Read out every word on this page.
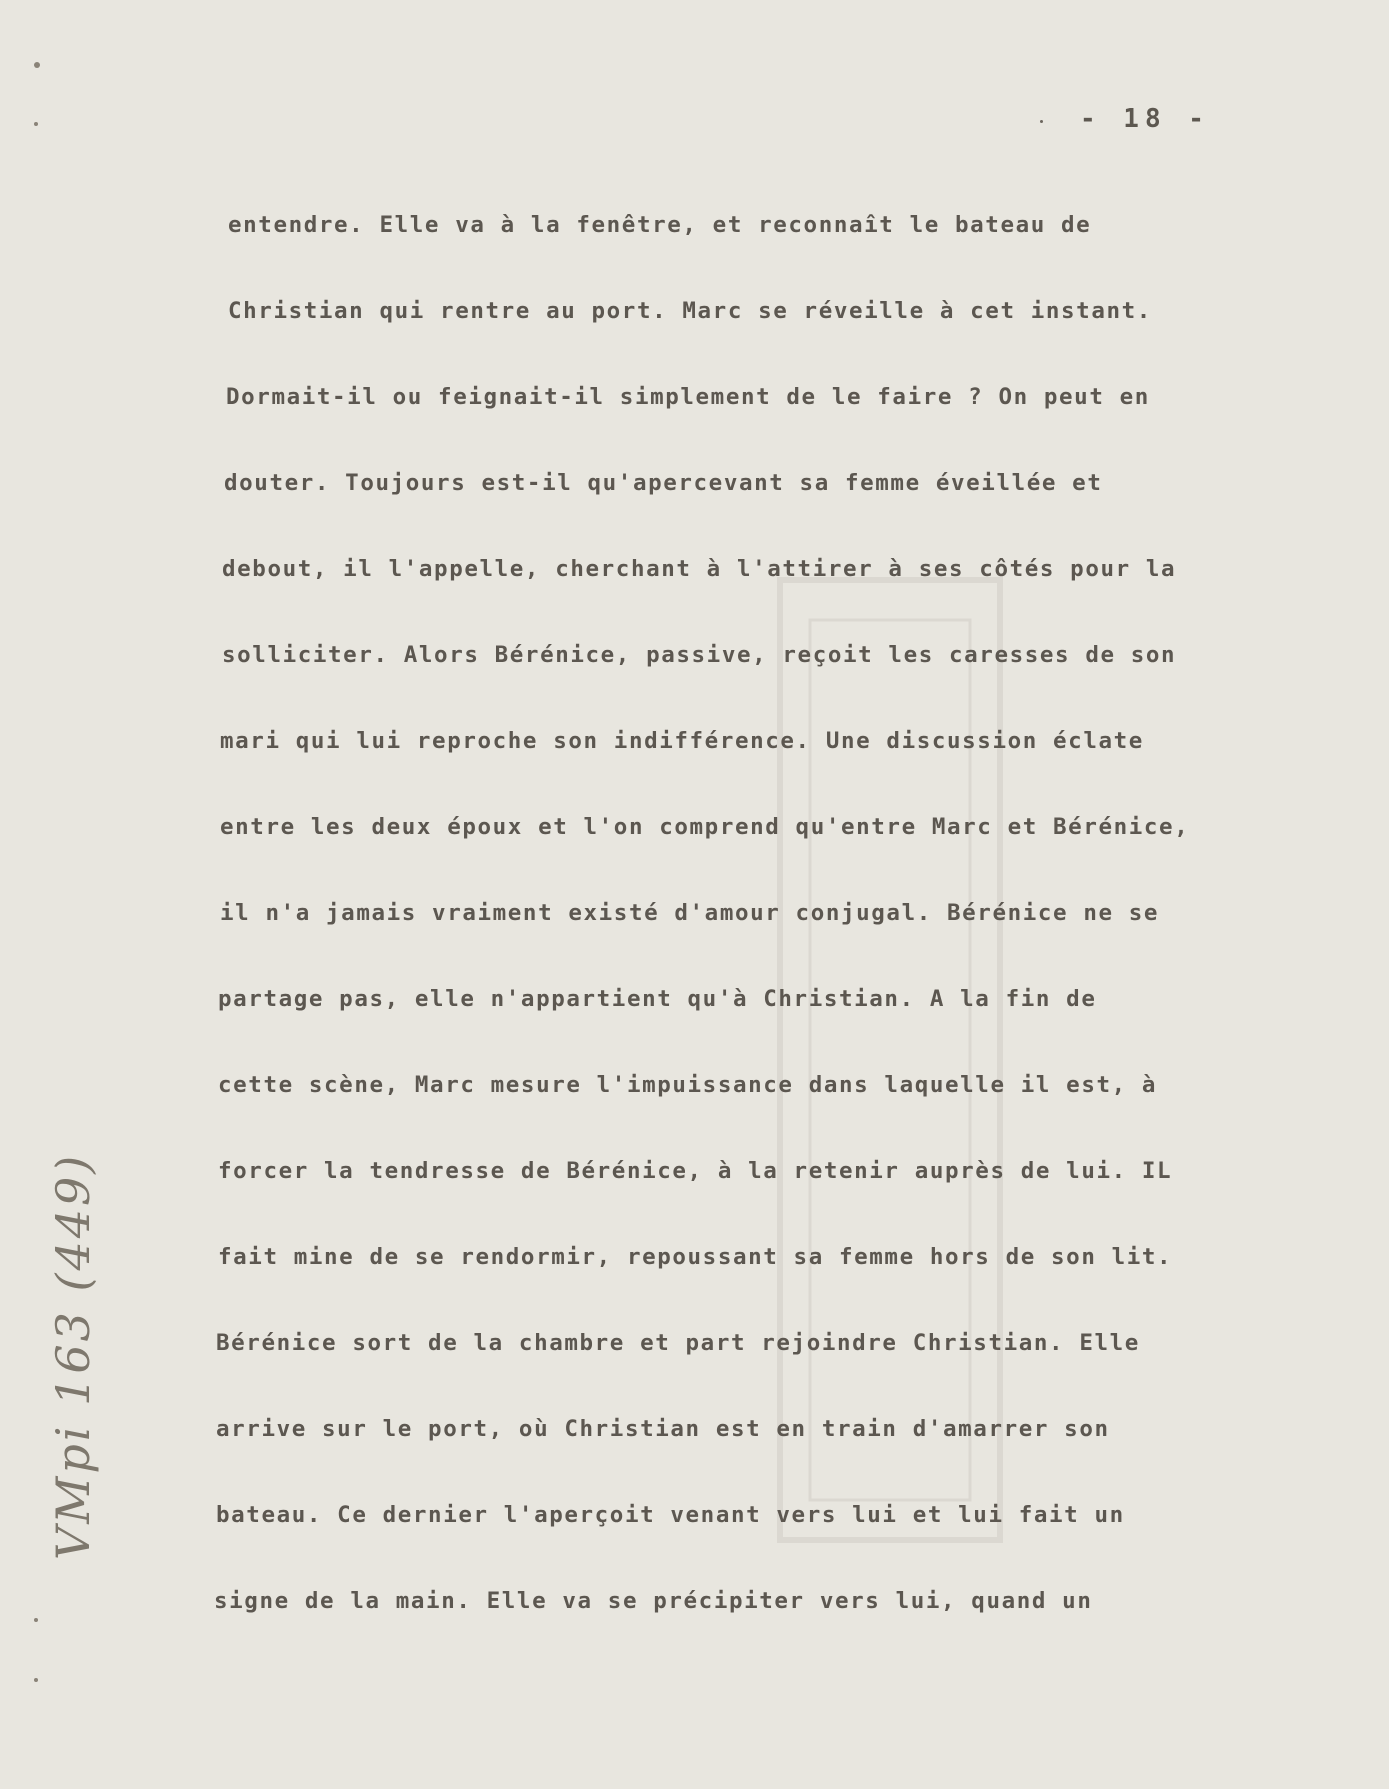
- 18 -
entendre. Elle va à la fenêtre, et reconnaît le bateau de
Christian qui rentre au port. Marc se réveille à cet instant.
Dormait-il ou feignait-il simplement de le faire ? On peut en
douter. Toujours est-il qu'apercevant sa femme éveillée et
debout, il l'appelle, cherchant à l'attirer à ses côtés pour la
solliciter. Alors Bérénice, passive, reçoit les caresses de son
mari qui lui reproche son indifférence. Une discussion éclate
entre les deux époux et l'on comprend qu'entre Marc et Bérénice,
il n'a jamais vraiment existé d'amour conjugal. Bérénice ne se
partage pas, elle n'appartient qu'à Christian. A la fin de
cette scène, Marc mesure l'impuissance dans laquelle il est, à
forcer la tendresse de Bérénice, à la retenir auprès de lui. IL
fait mine de se rendormir, repoussant sa femme hors de son lit.
Bérénice sort de la chambre et part rejoindre Christian. Elle
arrive sur le port, où Christian est en train d'amarrer son
bateau. Ce dernier l'aperçoit venant vers lui et lui fait un
signe de la main. Elle va se précipiter vers lui, quand un
VMpi 163 (449)
